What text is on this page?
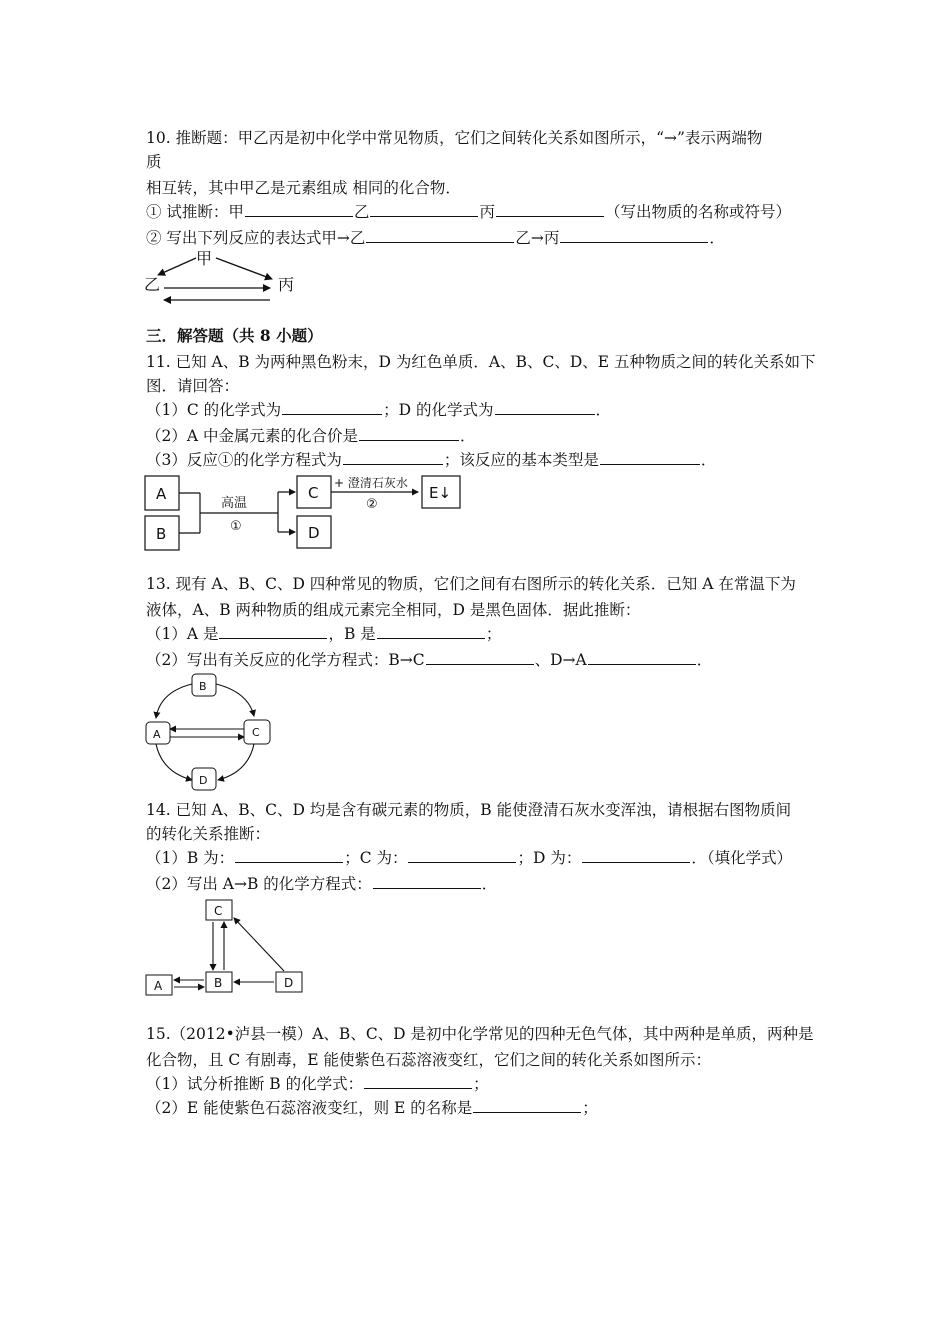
10. 推断题：甲乙丙是初中化学中常见物质，它们之间转化关系如图所示，“→”表示两端物
质
相互转，其中甲乙是元素组成 相同的化合物．
① 试推断：甲	乙	丙	（写出物质的名称或符号）
② 写出下列反应的表达式甲→乙	乙→丙	．
甲
乙	丙
三．解答题（共 8 小题）
11. 已知 A、B 为两种黑色粉末，D 为红色单质．A、B、C、D、E 五种物质之间的转化关系如下
图．请回答：
（1）C 的化学式为	；D 的化学式为	．
（2）A 中金属元素的化合价是	．
（3）反应①的化学方程式为	；该反应的基本类型是	．
A
B
高温
①
C
D
+ 澄清石灰水
②
E↓
13. 现有 A、B、C、D 四种常见的物质，它们之间有右图所示的转化关系．已知 A 在常温下为
液体，A、B 两种物质的组成元素完全相同，D 是黑色固体．据此推断：
（1）A 是	，B 是	；
（2）写出有关反应的化学方程式：B→C	、D→A	．
B
A	C
D
14. 已知 A、B、C、D 均是含有碳元素的物质，B 能使澄清石灰水变浑浊，请根据右图物质间
的转化关系推断：
（1）B 为：	；C 为：	；D 为：	．（填化学式）
（2）写出 A→B 的化学方程式：	．
C
A	B	D
15.（2012•泸县一模）A、B、C、D 是初中化学常见的四种无色气体，其中两种是单质，两种是
化合物，且 C 有剧毒，E 能使紫色石蕊溶液变红，它们之间的转化关系如图所示：
（1）试分析推断 B 的化学式：	；
（2）E 能使紫色石蕊溶液变红，则 E 的名称是	；
